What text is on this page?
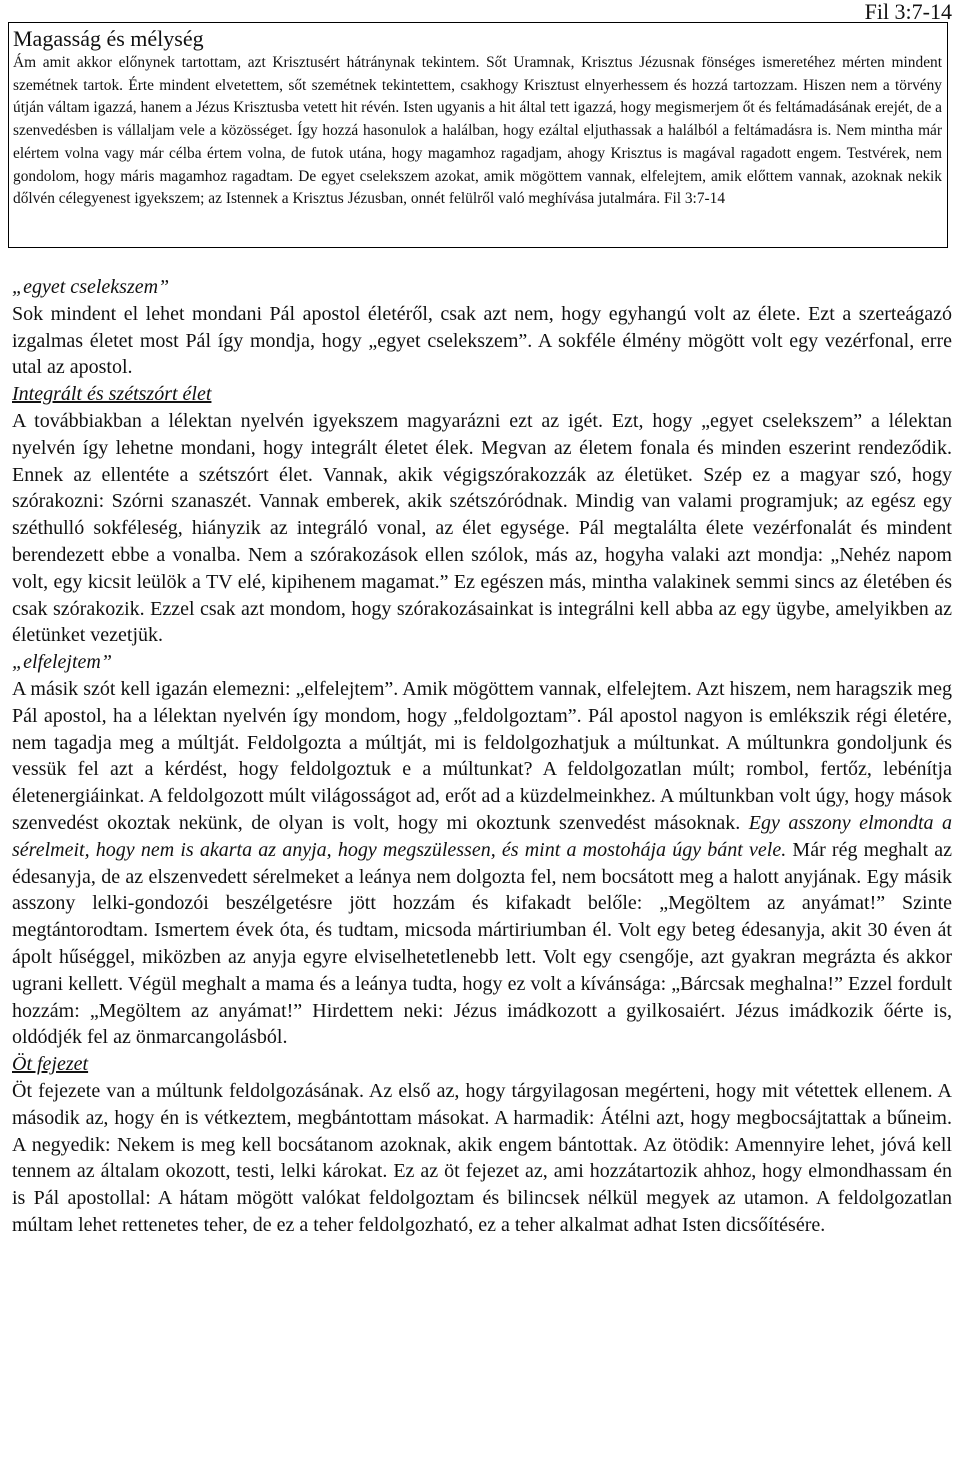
Fil 3:7-14
Magasság és mélység

Ám amit akkor előnynek tartottam, azt Krisztusért hátránynak tekintem. Sőt Uramnak, Krisztus Jézusnak fönséges ismeretéhez mérten mindent szemétnek tartok. Érte mindent elvetettem, sőt szemétnek tekintettem, csakhogy Krisztust elnyerhessem és hozzá tartozzam. Hiszen nem a törvény útján váltam igazzá, hanem a Jézus Krisztusba vetett hit révén. Isten ugyanis a hit által tett igazzá, hogy megismerjem őt és feltámadásának erejét, de a szenvedésben is vállaljam vele a közösséget. Így hozzá hasonulok a halálban, hogy ezáltal eljuthassak a halálból a feltámadásra is. Nem mintha már elértem volna vagy már célba értem volna, de futok utána, hogy magamhoz ragadjam, ahogy Krisztus is magával ragadott engem. Testvérek, nem gondolom, hogy máris magamhoz ragadtam. De egyet cselekszem azokat, amik mögöttem vannak, elfelejtem, amik előttem vannak, azoknak nekik dőlvén célegyenest igyekszem; az Istennek a Krisztus Jézusban, onnét felülről való meghívása jutalmára. Fil 3:7-14

„egyet cselekszem”

Sok mindent el lehet mondani Pál apostol életéről, csak azt nem, hogy egyhangú volt az élete. Ezt a szerteágazó izgalmas életet most Pál így mondja, hogy „egyet cselekszem”. A sokféle élmény mögött volt egy vezérfonal, erre utal az apostol.

Integrált és szétszórt élet

A továbbiakban a lélektan nyelvén igyekszem magyarázni ezt az igét. Ezt, hogy „egyet cselekszem” a lélektan nyelvén így lehetne mondani, hogy integrált életet élek. Megvan az életem fonala és minden eszerint rendeződik. Ennek az ellentéte a szétszórt élet. Vannak, akik végigszórakozzák az életüket. Szép ez a magyar szó, hogy szórakozni: Szórni szanaszét. Vannak emberek, akik szétszóródnak. Mindig van valami programjuk; az egész egy széthulló sokféleség, hiányzik az integráló vonal, az élet egysége. Pál megtalálta élete vezérfonalát és mindent berendezett ebbe a vonalba. Nem a szórakozások ellen szólok, más az, hogyha valaki azt mondja: „Nehéz napom volt, egy kicsit leülök a TV elé, kipihenem magamat.” Ez egészen más, mintha valakinek semmi sincs az életében és csak szórakozik. Ezzel csak azt mondom, hogy szórakozásainkat is integrálni kell abba az egy ügybe, amelyikben az életünket vezetjük.

„elfelejtem”

A másik szót kell igazán elemezni: „elfelejtem”. Amik mögöttem vannak, elfelejtem. Azt hiszem, nem haragszik meg Pál apostol, ha a lélektan nyelvén így mondom, hogy „feldolgoztam”. Pál apostol nagyon is emlékszik régi életére, nem tagadja meg a múltját. Feldolgozta a múltját, mi is feldolgozhatjuk a múltunkat. A múltunkra gondoljunk és vessük fel azt a kérdést, hogy feldolgoztuk e a múltunkat? A feldolgozatlan múlt; rombol, fertőz, lebénítja életenergiáinkat. A feldolgozott múlt világosságot ad, erőt ad a küzdelmeinkhez. A múltunkban volt úgy, hogy mások szenvedést okoztak nekünk, de olyan is volt, hogy mi okoztunk szenvedést másoknak. Egy asszony elmondta a sérelmeit, hogy nem is akarta az anyja, hogy megszülessen, és mint a mostohája úgy bánt vele. Már rég meghalt az édesanyja, de az elszenvedett sérelmeket a leánya nem dolgozta fel, nem bocsátott meg a halott anyjának. Egy másik asszony lelki-gondozói beszélgetésre jött hozzám és kifakadt belőle: „Megöltem az anyámat!” Szinte megtántorodtam. Ismertem évek óta, és tudtam, micsoda mártiriumban él. Volt egy beteg édesanyja, akit 30 éven át ápolt hűséggel, miközben az anyja egyre elviselhetetlenebb lett. Volt egy csengője, azt gyakran megrázta és akkor ugrani kellett. Végül meghalt a mama és a leánya tudta, hogy ez volt a kívánsága: „Bárcsak meghalna!” Ezzel fordult hozzám: „Megöltem az anyámat!” Hirdettem neki: Jézus imádkozott a gyilkosaiért. Jézus imádkozik őérte is, oldódjék fel az önmarcangolásból.

Öt fejezet

Öt fejezete van a múltunk feldolgozásának. Az első az, hogy tárgyilagosan megérteni, hogy mit vétettek ellenem. A második az, hogy én is vétkeztem, megbántottam másokat. A harmadik: Átélni azt, hogy megbocsájtattak a bűneim. A negyedik: Nekem is meg kell bocsátanom azoknak, akik engem bántottak. Az ötödik: Amennyire lehet, jóvá kell tennem az általam okozott, testi, lelki károkat. Ez az öt fejezet az, ami hozzátartozik ahhoz, hogy elmondhassam én is Pál apostollal: A hátam mögött valókat feldolgoztam és bilincsek nélkül megyek az utamon. A feldolgozatlan múltam lehet rettenetes teher, de ez a teher feldolgozható, ez a teher alkalmat adhat Isten dicsőítésére.
